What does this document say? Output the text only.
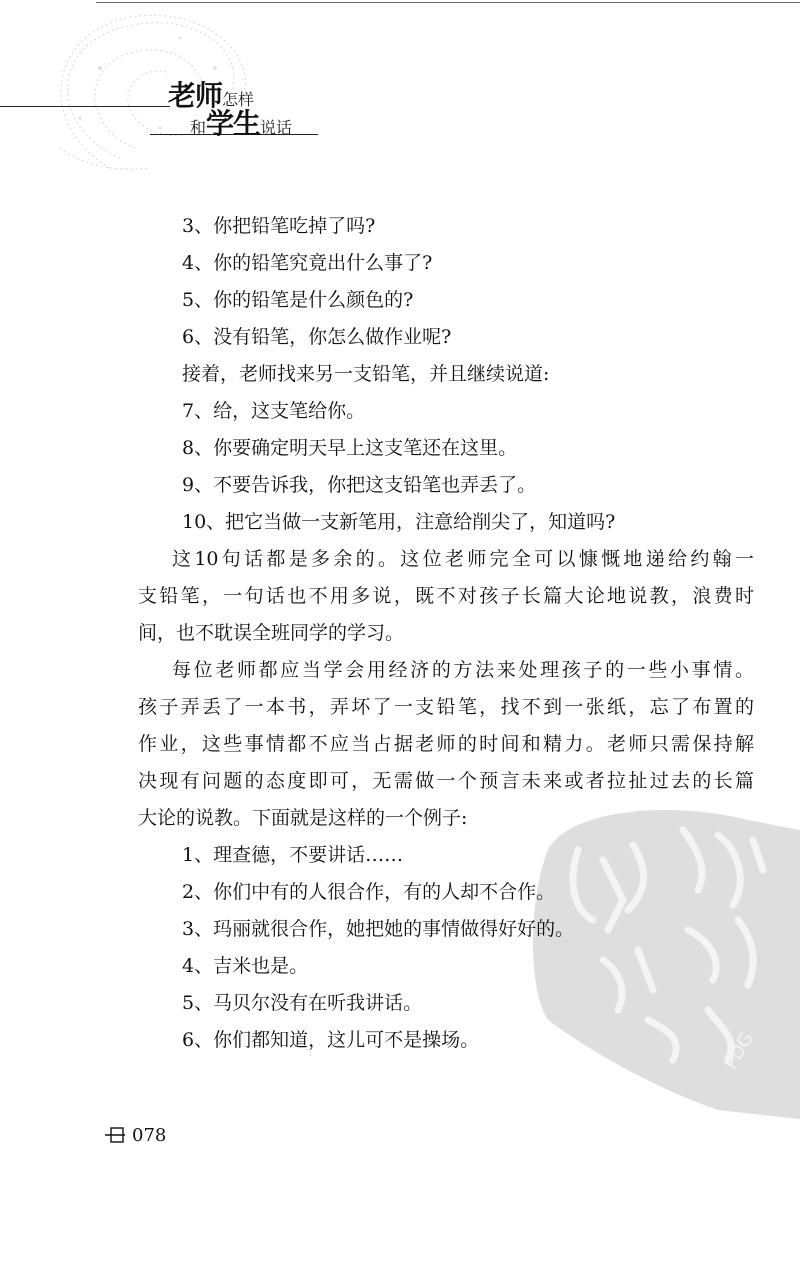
老师怎样
和学生说话
PDG
3、你把铅笔吃掉了吗?
4、你的铅笔究竟出什么事了?
5、你的铅笔是什么颜色的?
6、没有铅笔，你怎么做作业呢?
接着，老师找来另一支铅笔，并且继续说道:
7、给，这支笔给你。
8、你要确定明天早上这支笔还在这里。
9、不要告诉我，你把这支铅笔也弄丢了。
10、把它当做一支新笔用，注意给削尖了，知道吗?
这10句话都是多余的。这位老师完全可以慷慨地递给约翰一
支铅笔，一句话也不用多说，既不对孩子长篇大论地说教，浪费时
间，也不耽误全班同学的学习。
每位老师都应当学会用经济的方法来处理孩子的一些小事情。
孩子弄丢了一本书，弄坏了一支铅笔，找不到一张纸，忘了布置的
作业，这些事情都不应当占据老师的时间和精力。老师只需保持解
决现有问题的态度即可，无需做一个预言未来或者拉扯过去的长篇
大论的说教。下面就是这样的一个例子:
1、理查德，不要讲话……
2、你们中有的人很合作，有的人却不合作。
3、玛丽就很合作，她把她的事情做得好好的。
4、吉米也是。
5、马贝尔没有在听我讲话。
6、你们都知道，这儿可不是操场。
078
